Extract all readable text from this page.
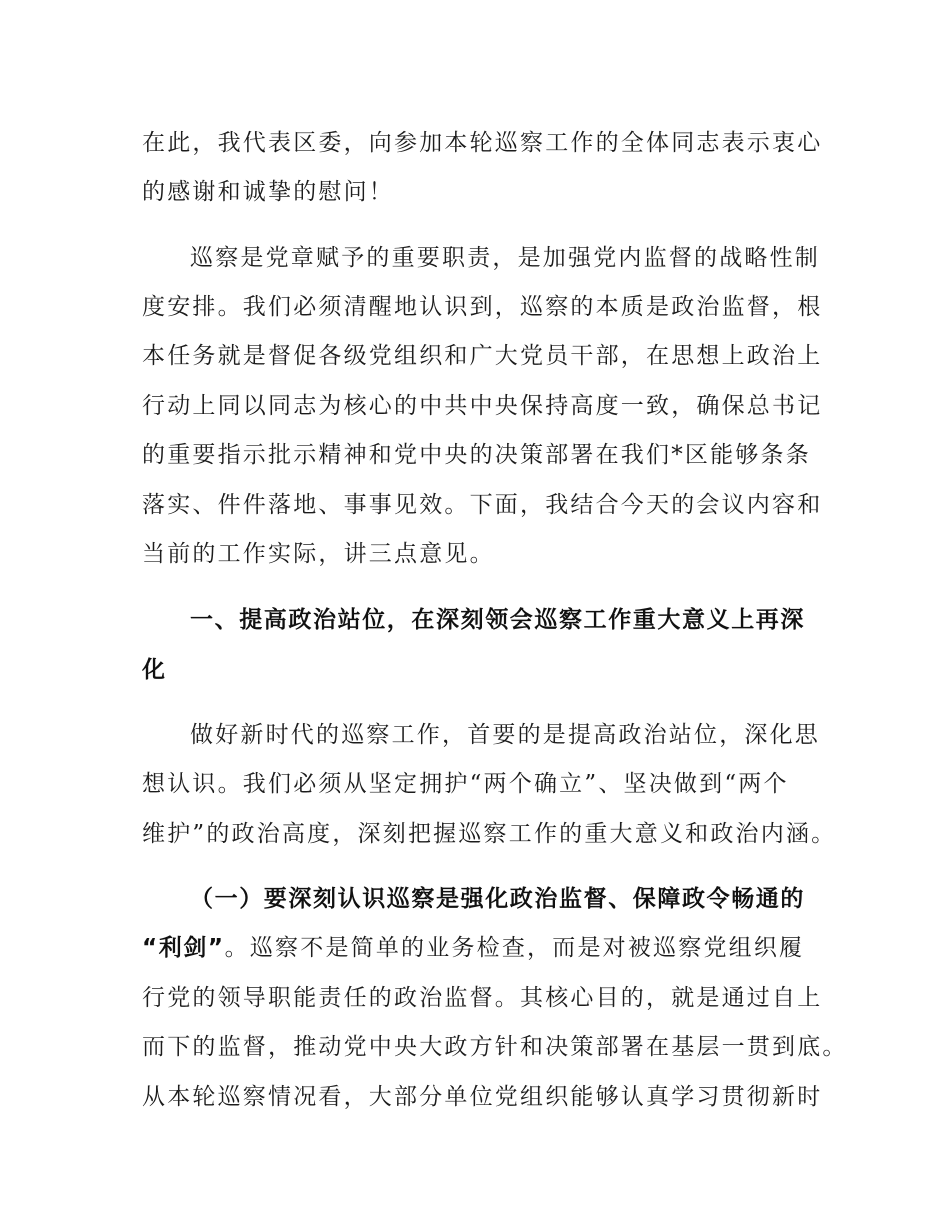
在此，我代表区委，向参加本轮巡察工作的全体同志表示衷心
的感谢和诚挚的慰问！
巡察是党章赋予的重要职责，是加强党内监督的战略性制
度安排。我们必须清醒地认识到，巡察的本质是政治监督，根
本任务就是督促各级党组织和广大党员干部，在思想上政治上
行动上同以同志为核心的中共中央保持高度一致，确保总书记
的重要指示批示精神和党中央的决策部署在我们*区能够条条
落实、件件落地、事事见效。下面，我结合今天的会议内容和
当前的工作实际，讲三点意见。
一、提高政治站位，在深刻领会巡察工作重大意义上再深
化
做好新时代的巡察工作，首要的是提高政治站位，深化思
想认识。我们必须从坚定拥护“两个确立”、坚决做到“两个
维护”的政治高度，深刻把握巡察工作的重大意义和政治内涵。
（一）要深刻认识巡察是强化政治监督、保障政令畅通的
“利剑”。巡察不是简单的业务检查，而是对被巡察党组织履
行党的领导职能责任的政治监督。其核心目的，就是通过自上
而下的监督，推动党中央大政方针和决策部署在基层一贯到底。
从本轮巡察情况看，大部分单位党组织能够认真学习贯彻新时
